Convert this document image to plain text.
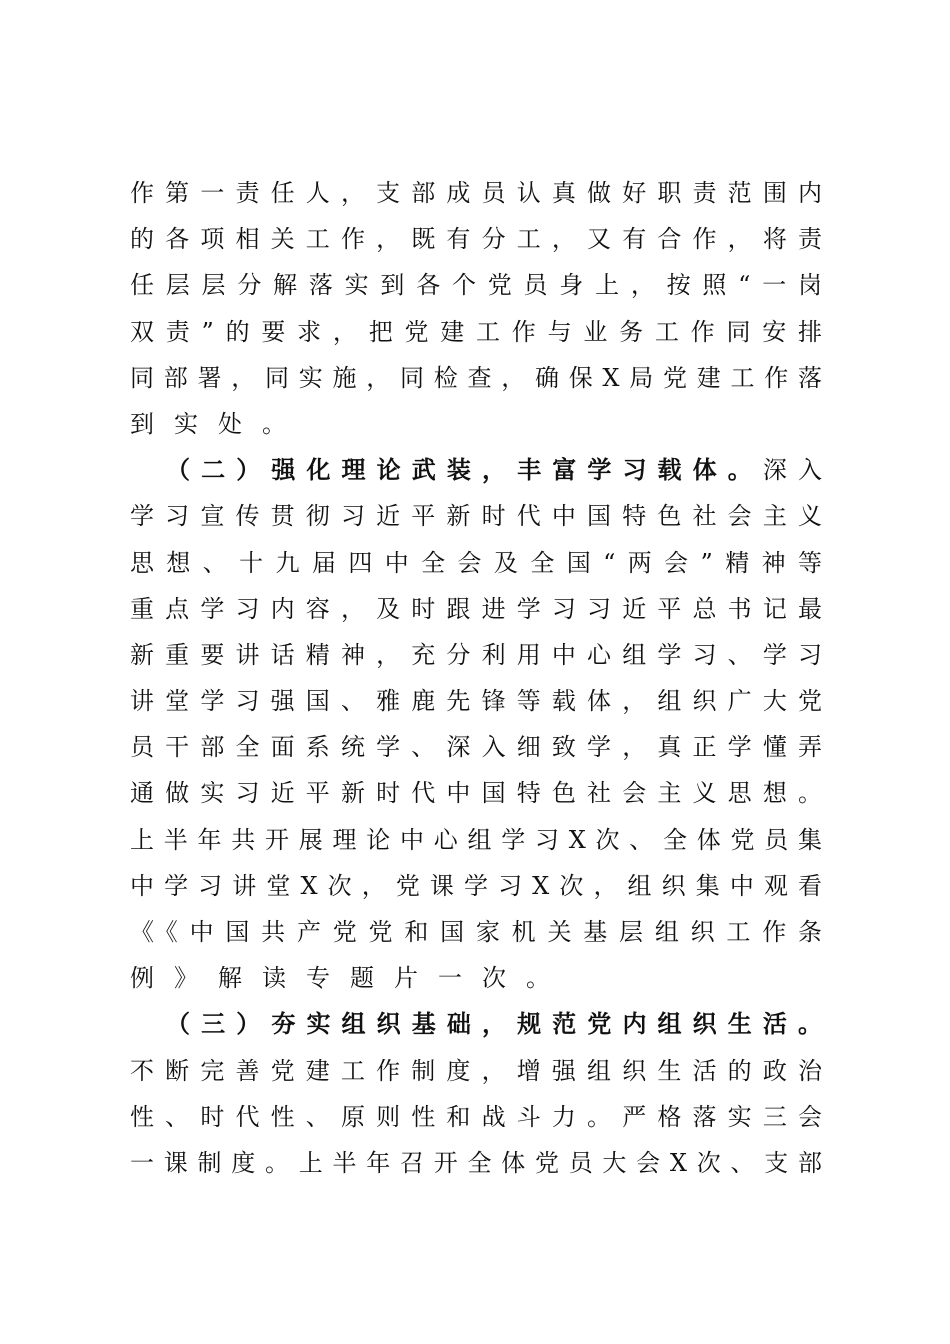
作第一责任人，支部成员认真做好职责范围内
的各项相关工作，既有分工，又有合作，将责
任层层分解落实到各个党员身上，按照“一岗
双责”的要求，把党建工作与业务工作同安排
同部署，同实施，同检查，确保X局党建工作落
到实处。
（二）强化理论武装，丰富学习载体。深入
学习宣传贯彻习近平新时代中国特色社会主义
思想、十九届四中全会及全国“两会”精神等
重点学习内容，及时跟进学习习近平总书记最
新重要讲话精神，充分利用中心组学习、学习
讲堂学习强国、雅鹿先锋等载体，组织广大党
员干部全面系统学、深入细致学，真正学懂弄
通做实习近平新时代中国特色社会主义思想。
上半年共开展理论中心组学习X次、全体党员集
中学习讲堂X次，党课学习X次，组织集中观看
《《中国共产党党和国家机关基层组织工作条
例》解读专题片一次。
（三）夯实组织基础，规范党内组织生活。
不断完善党建工作制度，增强组织生活的政治
性、时代性、原则性和战斗力。严格落实三会
一课制度。上半年召开全体党员大会X次、支部
